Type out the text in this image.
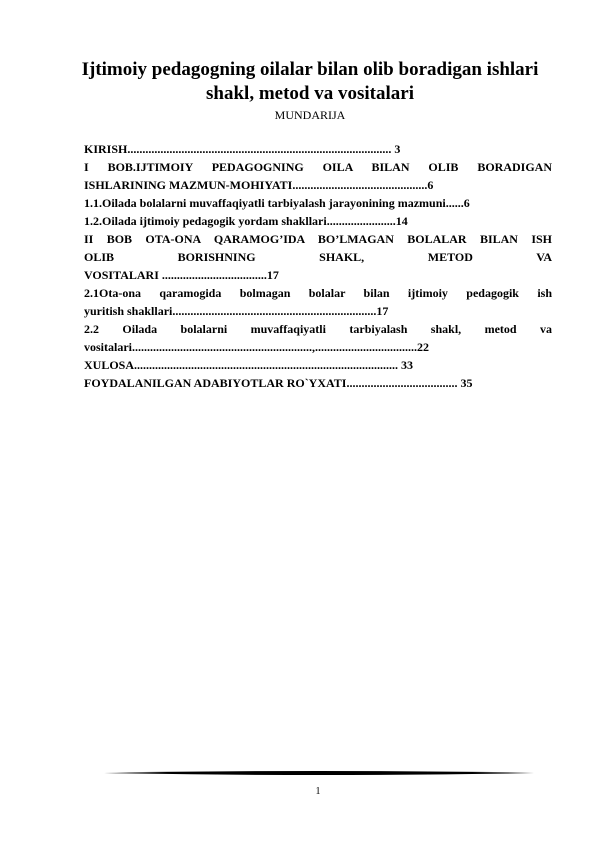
Ijtimoiy pedagogning oilalar bilan olib boradigan ishlari
shakl, metod va vositalari
MUNDARIJA
KIRISH........................................................................................ 3
I BOB.IJTIMOIY PEDAGOGNING OILA BILAN OLIB BORADIGAN
ISHLARINING MAZMUN-MOHIYATI.............................................6
1.1.Oilada bolalarni muvaffaqiyatli tarbiyalash jarayonining mazmuni......6
1.2.Oilada ijtimoiy pedagogik yordam shakllari.......................14
II BOB OTA-ONA QARAMOG’IDA BO’LMAGAN BOLALAR BILAN ISH
OLIB BORISHNING SHAKL, METOD VA
VOSITALARI ...................................17
2.1Ota-ona qaramogida bolmagan bolalar bilan ijtimoiy pedagogik ish
yuritish shakllari....................................................................17
2.2 Oilada bolalarni muvaffaqiyatli tarbiyalash shakl, metod va
vositalari............................................................,..................................22
XULOSA........................................................................................ 33
FOYDALANILGAN ADABIYOTLAR RO`YXATI..................................... 35
1
